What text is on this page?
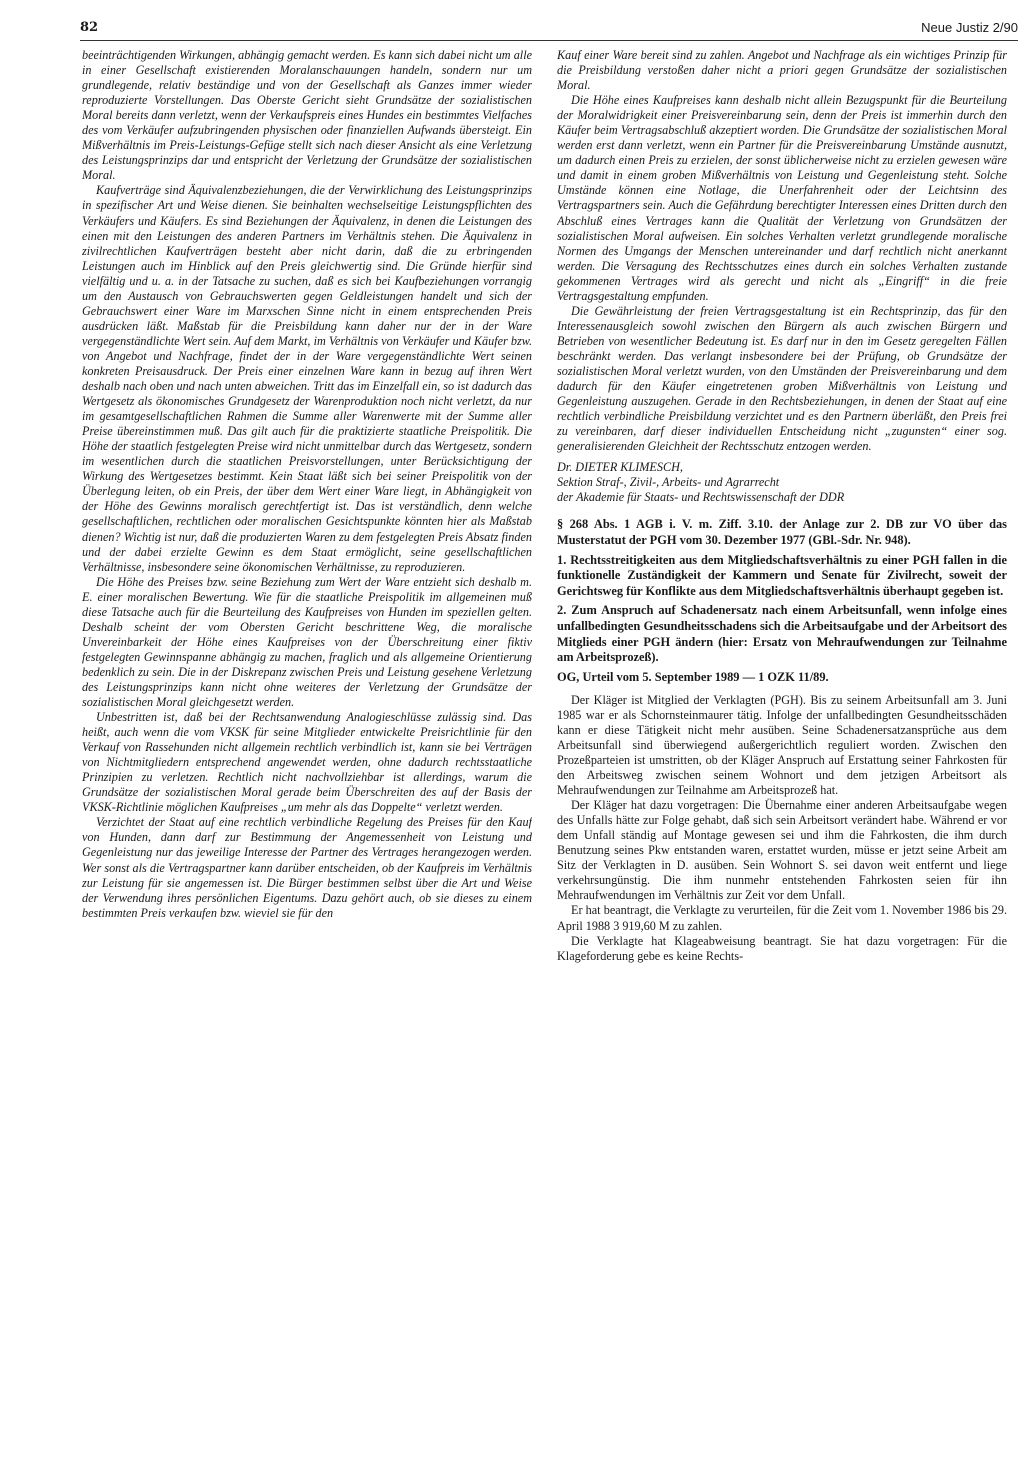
82	Neue Justiz 2/90

beeinträchtigenden Wirkungen, abhängig gemacht werden. Es kann sich dabei nicht um alle in einer Gesellschaft existierenden Moralanschauungen handeln, sondern nur um grundlegende, relativ beständige und von der Gesellschaft als Ganzes immer wieder reproduzierte Vorstellungen. Das Oberste Gericht sieht Grundsätze der sozialistischen Moral bereits dann verletzt, wenn der Verkaufspreis eines Hundes ein bestimmtes Vielfaches des vom Verkäufer aufzubringenden physischen oder finanziellen Aufwands übersteigt. Ein Mißverhältnis im Preis-Leistungs-Gefüge stellt sich nach dieser Ansicht als eine Verletzung des Leistungsprinzips dar und entspricht der Verletzung der Grundsätze der sozialistischen Moral.

Kaufverträge sind Äquivalenzbeziehungen, die der Verwirklichung des Leistungsprinzips in spezifischer Art und Weise dienen. Sie beinhalten wechselseitige Leistungspflichten des Verkäufers und Käufers. Es sind Beziehungen der Äquivalenz, in denen die Leistungen des einen mit den Leistungen des anderen Partners im Verhältnis stehen. Die Äquivalenz in zivilrechtlichen Kaufverträgen besteht aber nicht darin, daß die zu erbringenden Leistungen auch im Hinblick auf den Preis gleichwertig sind. Die Gründe hierfür sind vielfältig und u. a. in der Tatsache zu suchen, daß es sich bei Kaufbeziehungen vorrangig um den Austausch von Gebrauchswerten gegen Geldleistungen handelt und sich der Gebrauchswert einer Ware im Marxschen Sinne nicht in einem entsprechenden Preis ausdrücken läßt. Maßstab für die Preisbildung kann daher nur der in der Ware vergegenständlichte Wert sein. Auf dem Markt, im Verhältnis von Verkäufer und Käufer bzw. von Angebot und Nachfrage, findet der in der Ware vergegenständlichte Wert seinen konkreten Preisausdruck. Der Preis einer einzelnen Ware kann in bezug auf ihren Wert deshalb nach oben und nach unten abweichen. Tritt das im Einzelfall ein, so ist dadurch das Wertgesetz als ökonomisches Grundgesetz der Warenproduktion noch nicht verletzt, da nur im gesamtgesellschaftlichen Rahmen die Summe aller Warenwerte mit der Summe aller Preise übereinstimmen muß. Das gilt auch für die praktizierte staatliche Preispolitik. Die Höhe der staatlich festgelegten Preise wird nicht unmittelbar durch das Wertgesetz, sondern im wesentlichen durch die staatlichen Preisvorstellungen, unter Berücksichtigung der Wirkung des Wertgesetzes bestimmt. Kein Staat läßt sich bei seiner Preispolitik von der Überlegung leiten, ob ein Preis, der über dem Wert einer Ware liegt, in Abhängigkeit von der Höhe des Gewinns moralisch gerechtfertigt ist. Das ist verständlich, denn welche gesellschaftlichen, rechtlichen oder moralischen Gesichtspunkte könnten hier als Maßstab dienen? Wichtig ist nur, daß die produzierten Waren zu dem festgelegten Preis Absatz finden und der dabei erzielte Gewinn es dem Staat ermöglicht, seine gesellschaftlichen Verhältnisse, insbesondere seine ökonomischen Verhältnisse, zu reproduzieren.

Die Höhe des Preises bzw. seine Beziehung zum Wert der Ware entzieht sich deshalb m. E. einer moralischen Bewertung. Wie für die staatliche Preispolitik im allgemeinen muß diese Tatsache auch für die Beurteilung des Kaufpreises von Hunden im speziellen gelten. Deshalb scheint der vom Obersten Gericht beschrittene Weg, die moralische Unvereinbarkeit der Höhe eines Kaufpreises von der Überschreitung einer fiktiv festgelegten Gewinnspanne abhängig zu machen, fraglich und als allgemeine Orientierung bedenklich zu sein. Die in der Diskrepanz zwischen Preis und Leistung gesehene Verletzung des Leistungsprinzips kann nicht ohne weiteres der Verletzung der Grundsätze der sozialistischen Moral gleichgesetzt werden.

Unbestritten ist, daß bei der Rechtsanwendung Analogieschlüsse zulässig sind. Das heißt, auch wenn die vom VKSK für seine Mitglieder entwickelte Preisrichtlinie für den Verkauf von Rassehunden nicht allgemein rechtlich verbindlich ist, kann sie bei Verträgen von Nichtmitgliedern entsprechend angewendet werden, ohne dadurch rechtsstaatliche Prinzipien zu verletzen. Rechtlich nicht nachvollziehbar ist allerdings, warum die Grundsätze der sozialistischen Moral gerade beim Überschreiten des auf der Basis der VKSK-Richtlinie möglichen Kaufpreises „um mehr als das Doppelte“ verletzt werden.

Verzichtet der Staat auf eine rechtlich verbindliche Regelung des Preises für den Kauf von Hunden, dann darf zur Bestimmung der Angemessenheit von Leistung und Gegenleistung nur das jeweilige Interesse der Partner des Vertrages herangezogen werden. Wer sonst als die Vertragspartner kann darüber entscheiden, ob der Kaufpreis im Verhältnis zur Leistung für sie angemessen ist. Die Bürger bestimmen selbst über die Art und Weise der Verwendung ihres persönlichen Eigentums. Dazu gehört auch, ob sie dieses zu einem bestimmten Preis verkaufen bzw. wieviel sie für den

Kauf einer Ware bereit sind zu zahlen. Angebot und Nachfrage als ein wichtiges Prinzip für die Preisbildung verstoßen daher nicht a priori gegen Grundsätze der sozialistischen Moral.

Die Höhe eines Kaufpreises kann deshalb nicht allein Bezugspunkt für die Beurteilung der Moralwidrigkeit einer Preisvereinbarung sein, denn der Preis ist immerhin durch den Käufer beim Vertragsabschluß akzeptiert worden. Die Grundsätze der sozialistischen Moral werden erst dann verletzt, wenn ein Partner für die Preisvereinbarung Umstände ausnutzt, um dadurch einen Preis zu erzielen, der sonst üblicherweise nicht zu erzielen gewesen wäre und damit in einem groben Mißverhältnis von Leistung und Gegenleistung steht. Solche Umstände können eine Notlage, die Unerfahrenheit oder der Leichtsinn des Vertragspartners sein. Auch die Gefährdung berechtigter Interessen eines Dritten durch den Abschluß eines Vertrages kann die Qualität der Verletzung von Grundsätzen der sozialistischen Moral aufweisen. Ein solches Verhalten verletzt grundlegende moralische Normen des Umgangs der Menschen untereinander und darf rechtlich nicht anerkannt werden. Die Versagung des Rechtsschutzes eines durch ein solches Verhalten zustande gekommenen Vertrages wird als gerecht und nicht als „Eingriff“ in die freie Vertragsgestaltung empfunden.

Die Gewährleistung der freien Vertragsgestaltung ist ein Rechtsprinzip, das für den Interessenausgleich sowohl zwischen den Bürgern als auch zwischen Bürgern und Betrieben von wesentlicher Bedeutung ist. Es darf nur in den im Gesetz geregelten Fällen beschränkt werden. Das verlangt insbesondere bei der Prüfung, ob Grundsätze der sozialistischen Moral verletzt wurden, von den Umständen der Preisvereinbarung und dem dadurch für den Käufer eingetretenen groben Mißverhältnis von Leistung und Gegenleistung auszugehen. Gerade in den Rechtsbeziehungen, in denen der Staat auf eine rechtlich verbindliche Preisbildung verzichtet und es den Partnern überläßt, den Preis frei zu vereinbaren, darf dieser individuellen Entscheidung nicht „zugunsten“ einer sog. generalisierenden Gleichheit der Rechtsschutz entzogen werden.

Dr. DIETER KLIMESCH,

Sektion Straf-, Zivil-, Arbeits- und Agrarrecht

der Akademie für Staats- und Rechtswissenschaft der DDR

§ 268 Abs. 1 AGB i. V. m. Ziff. 3.10. der Anlage zur 2. DB zur VO über das Musterstatut der PGH vom 30. Dezember 1977 (GBl.-Sdr. Nr. 948).

1. Rechtsstreitigkeiten aus dem Mitgliedschaftsverhältnis zu einer PGH fallen in die funktionelle Zuständigkeit der Kammern und Senate für Zivilrecht, soweit der Gerichtsweg für Konflikte aus dem Mitgliedschaftsverhältnis überhaupt gegeben ist.

2. Zum Anspruch auf Schadenersatz nach einem Arbeitsunfall, wenn infolge eines unfallbedingten Gesundheitsschadens sich die Arbeitsaufgabe und der Arbeitsort des Mitglieds einer PGH ändern (hier: Ersatz von Mehraufwendungen zur Teilnahme am Arbeitsprozeß).

OG, Urteil vom 5. September 1989 — 1 OZK 11/89.

Der Kläger ist Mitglied der Verklagten (PGH). Bis zu seinem Arbeitsunfall am 3. Juni 1985 war er als Schornsteinmaurer tätig. Infolge der unfallbedingten Gesundheitsschäden kann er diese Tätigkeit nicht mehr ausüben. Seine Schadenersatzansprüche aus dem Arbeitsunfall sind überwiegend außergerichtlich reguliert worden. Zwischen den Prozeßparteien ist umstritten, ob der Kläger Anspruch auf Erstattung seiner Fahrkosten für den Arbeitsweg zwischen seinem Wohnort und dem jetzigen Arbeitsort als Mehraufwendungen zur Teilnahme am Arbeitsprozeß hat.

Der Kläger hat dazu vorgetragen: Die Übernahme einer anderen Arbeitsaufgabe wegen des Unfalls hätte zur Folge gehabt, daß sich sein Arbeitsort verändert habe. Während er vor dem Unfall ständig auf Montage gewesen sei und ihm die Fahrkosten, die ihm durch Benutzung seines Pkw entstanden waren, erstattet wurden, müsse er jetzt seine Arbeit am Sitz der Verklagten in D. ausüben. Sein Wohnort S. sei davon weit entfernt und liege verkehrsungünstig. Die ihm nunmehr entstehenden Fahrkosten seien für ihn Mehraufwendungen im Verhältnis zur Zeit vor dem Unfall.

Er hat beantragt, die Verklagte zu verurteilen, für die Zeit vom 1. November 1986 bis 29. April 1988 3 919,60 M zu zahlen.

Die Verklagte hat Klageabweisung beantragt. Sie hat dazu vorgetragen: Für die Klageforderung gebe es keine Rechts-
